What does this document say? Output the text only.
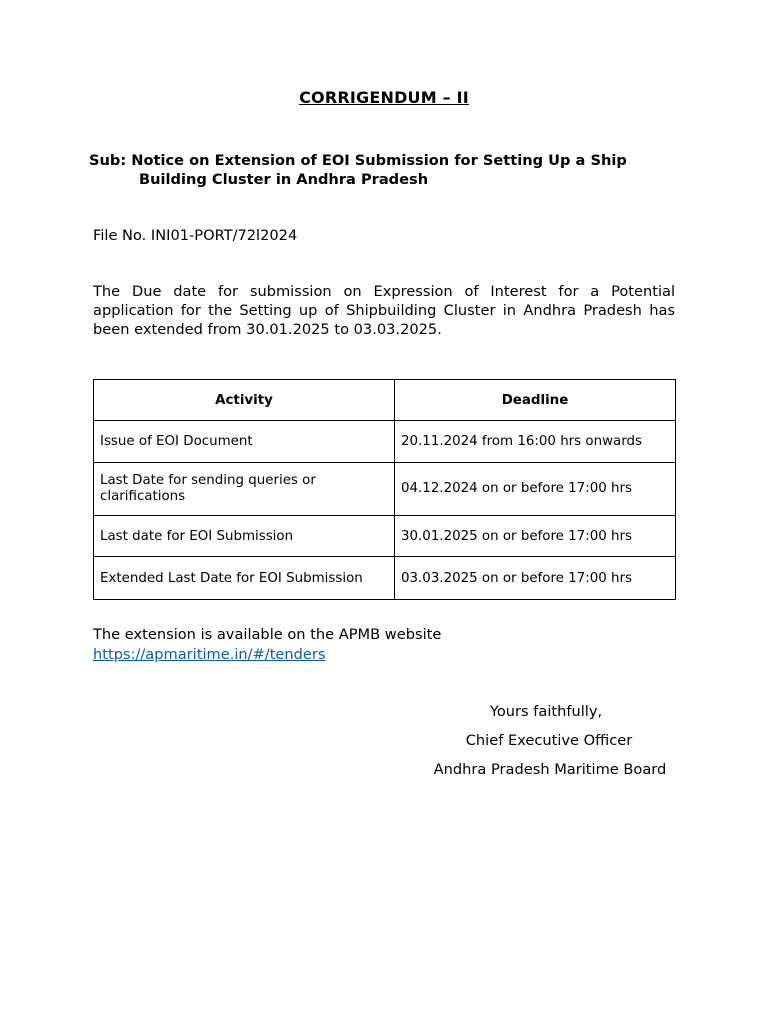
CORRIGENDUM – II
Sub: Notice on Extension of EOI Submission for Setting Up a Ship
Building Cluster in Andhra Pradesh
File No. INI01-PORT/72l2024
The Due date for submission on Expression of Interest for a Potential application for the Setting up of Shipbuilding Cluster in Andhra Pradesh has been extended from 30.01.2025 to 03.03.2025.
Activity	Deadline
Issue of EOI Document	20.11.2024 from 16:00 hrs onwards
Last Date for sending queries or clarifications	04.12.2024 on or before 17:00 hrs
Last date for EOI Submission	30.01.2025 on or before 17:00 hrs
Extended Last Date for EOI Submission	03.03.2025 on or before 17:00 hrs
The extension is available on the APMB website
https://apmaritime.in/#/tenders
Yours faithfully,
Chief Executive Officer
Andhra Pradesh Maritime Board
